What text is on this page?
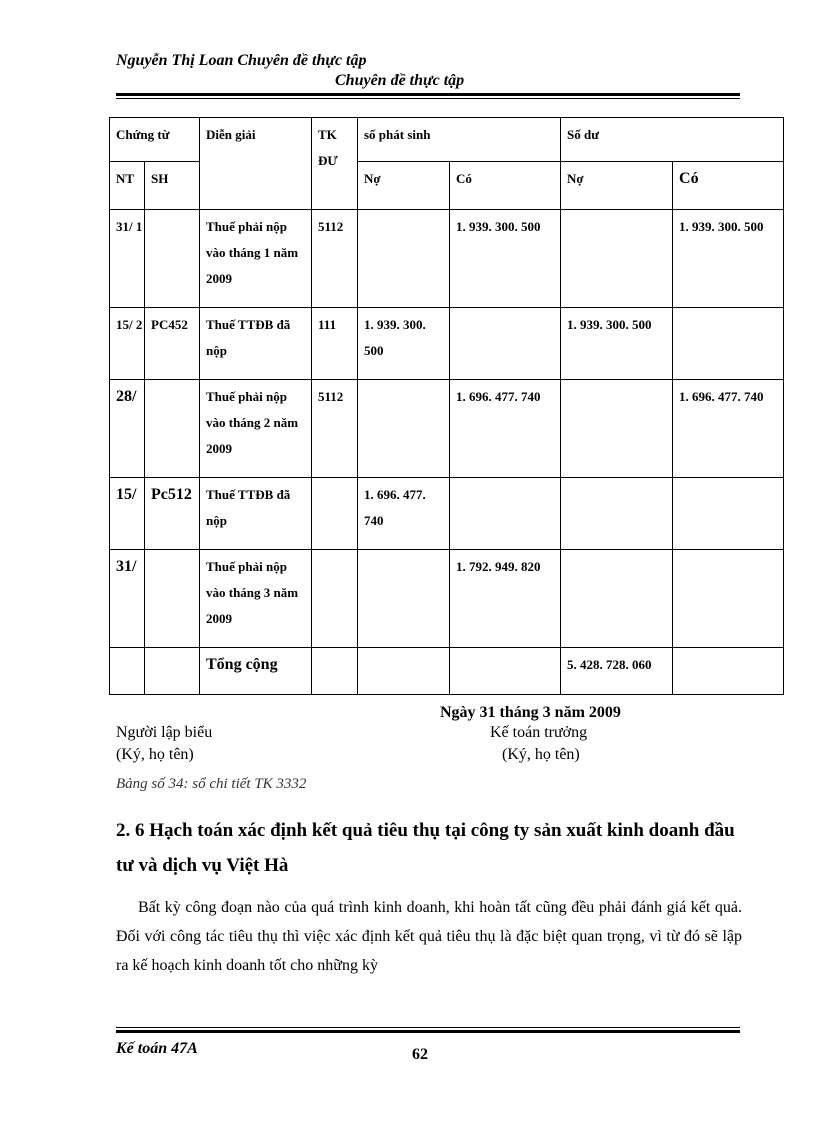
Nguyễn Thị Loan Chuyên đề thực tập
Chuyên đề thực tập
Chứng từ		Diễn giải	TK
ĐƯ	số phát sinh		Số dư	
NT	SH			Nợ	Có	Nợ	Có
31/ 1		Thuế phải nộp vào tháng 1 năm 2009	5112		1. 939. 300. 500		1. 939. 300. 500
15/ 2	PC452	Thuế TTĐB đã nộp	111	1. 939. 300. 500		1. 939. 300. 500	
28/		Thuế phải nộp vào tháng 2 năm 2009	5112		1. 696. 477. 740		1. 696. 477. 740
15/	Pc512	Thuế TTĐB đã nộp		1. 696. 477. 740			
31/		Thuế phải nộp vào tháng 3 năm 2009			1. 792. 949. 820		
		Tổng cộng				5. 428. 728. 060	
Ngày 31 tháng 3 năm 2009
Người lập biểu	Kế toán trưởng
(Ký, họ tên)	(Ký, họ tên)
Bảng số 34: sổ chi tiết TK 3332
2. 6 Hạch toán xác định kết quả tiêu thụ tại công ty sản xuất kinh doanh đầu tư và dịch vụ Việt Hà
Bất kỳ công đoạn nào của quá trình kinh doanh, khi hoàn tất cũng đều phải đánh giá kết quả. Đối với công tác tiêu thụ thì việc xác định kết quả tiêu thụ là đặc biệt quan trọng, vì từ đó sẽ lập ra kế hoạch kinh doanh tốt cho những kỳ
Kế toán 47A	62
